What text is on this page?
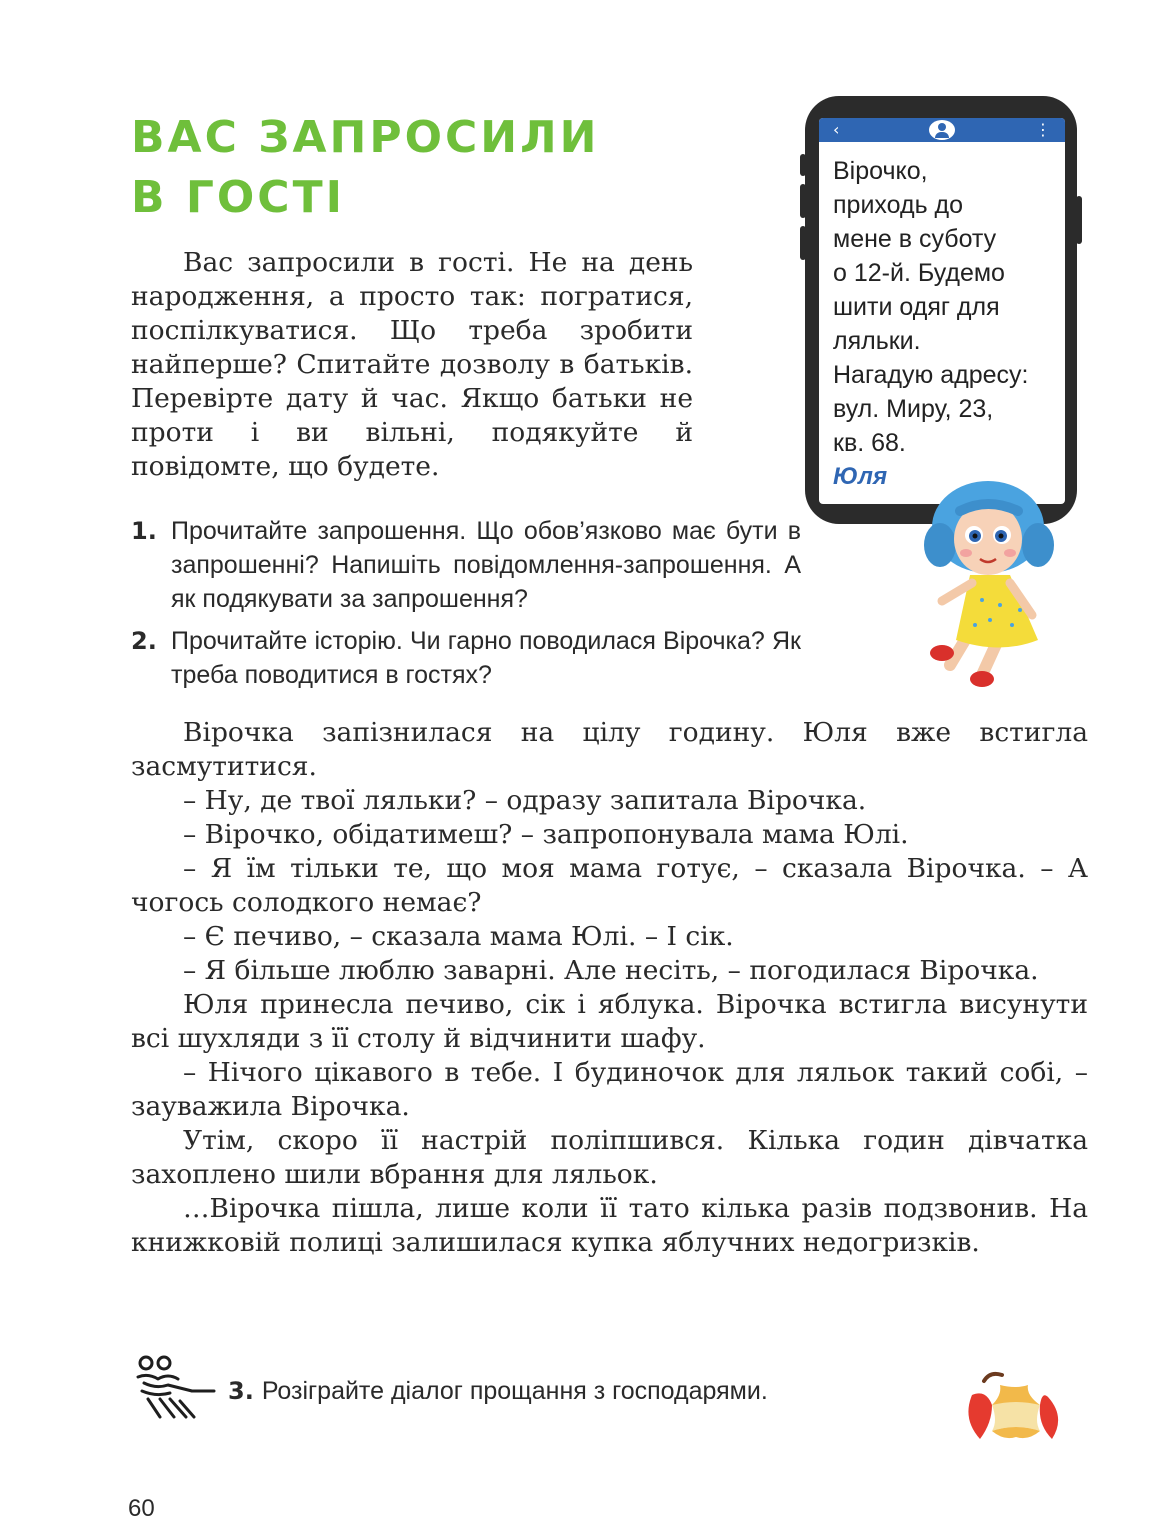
ВАС ЗАПРОСИЛИ
В ГОСТІ

Вас запросили в гості. Не на день народження, а просто так: погратися, поспілкуватися. Що треба зробити найперше? Спитайте дозволу в батьків. Перевірте дату й час. Якщо батьки не проти і ви вільні, подякуйте й повідомте, що будете.

1. Прочитайте запрошення. Що обов’язково має бути в запрошенні? Напишіть повідомлення-запрошення. А як подякувати за запрошення?
2. Прочитайте історію. Чи гарно поводилася Вірочка? Як треба поводитися в гостях?
‹	⋮
Вірочко,
приходь до
мене в суботу
о 12-й. Будемо
шити одяг для
ляльки.
Нагадую адресу:
вул. Миру, 23,
кв. 68.
Юля

Вірочка запізнилася на цілу годину. Юля вже встигла засмутитися.

– Ну, де твої ляльки? – одразу запитала Вірочка.

– Вірочко, обідатимеш? – запропонувала мама Юлі.

– Я їм тільки те, що моя мама готує, – сказала Вірочка. – А чогось солодкого немає?

– Є печиво, – сказала мама Юлі. – І сік.

– Я більше люблю заварні. Але несіть, – погодилася Вірочка.

Юля принесла печиво, сік і яблука. Вірочка встигла висунути всі шухляди з її столу й відчинити шафу.

– Нічого цікавого в тебе. І будиночок для ляльок такий собі, – зауважила Вірочка.

Утім, скоро її настрій поліпшився. Кілька годин дівчатка захоплено шили вбрання для ляльок.

…Вірочка пішла, лише коли її тато кілька разів подзвонив. На книжковій полиці залишилася купка яблучних недогризків.

3. Розіграйте діалог прощання з господарями.
60
